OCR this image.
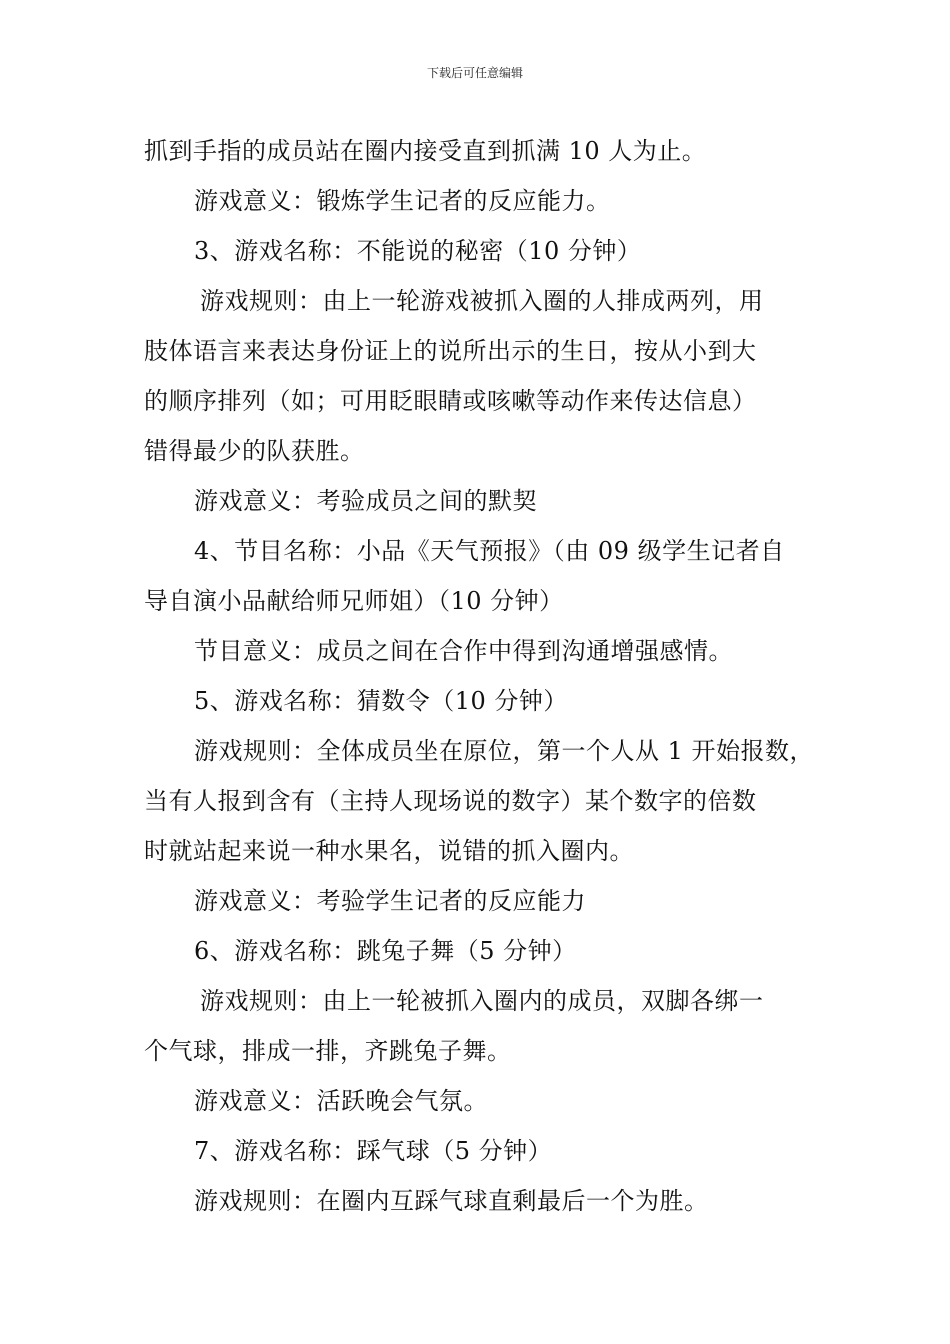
下载后可任意编辑
抓到手指的成员站在圈内接受直到抓满 10 人为止。
游戏意义：锻炼学生记者的反应能力。
3、游戏名称：不能说的秘密（10 分钟）
游戏规则：由上一轮游戏被抓入圈的人排成两列，用
肢体语言来表达身份证上的说所出示的生日，按从小到大
的顺序排列（如；可用眨眼睛或咳嗽等动作来传达信息）
错得最少的队获胜。
游戏意义：考验成员之间的默契
4、节目名称：小品《天气预报》（由 09 级学生记者自
导自演小品献给师兄师姐）（10 分钟）
节目意义：成员之间在合作中得到沟通增强感情。
5、游戏名称：猜数令（10 分钟）
游戏规则：全体成员坐在原位，第一个人从 1 开始报数，
当有人报到含有（主持人现场说的数字）某个数字的倍数
时就站起来说一种水果名，说错的抓入圈内。
游戏意义：考验学生记者的反应能力
6、游戏名称：跳兔子舞（5 分钟）
游戏规则：由上一轮被抓入圈内的成员，双脚各绑一
个气球，排成一排，齐跳兔子舞。
游戏意义：活跃晚会气氛。
7、游戏名称：踩气球（5 分钟）
游戏规则：在圈内互踩气球直剩最后一个为胜。
